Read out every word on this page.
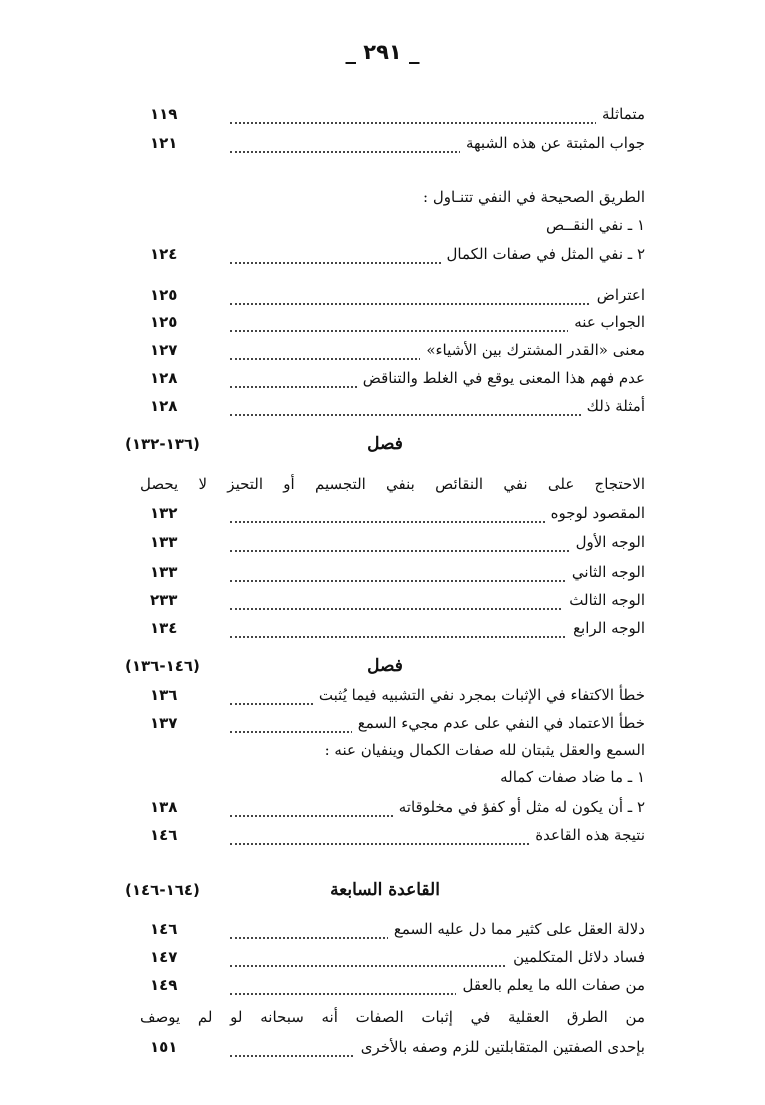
_ ٢٩١ _
متماثلة
١١٩
جواب المثبتة عن هذه الشبهة
١٢١
الطريق الصحيحة في النفي تتنـاول :
١ ـ نفي النقــص
٢ ـ نفي المثل في صفات الكمال
١٢٤
اعتراض
١٢٥
الجواب عنه
١٢٥
معنى «القدر المشترك بين الأشياء»
١٢٧
عدم فهم هذا المعنى يوقع في الغلط والتناقض
١٢٨
أمثلة ذلك
١٢٨
فصل
(١٣٦-١٣٢)
الاحتجاج على نفي النقائص بنفي التجسيم أو التحيز لا يحصل
المقصود لوجوه
١٣٢
الوجه الأول
١٣٣
الوجه الثاني
١٣٣
الوجه الثالث
٢٣٣
الوجه الرابع
١٣٤
فصل
(١٤٦-١٣٦)
خطأ الاكتفاء في الإثبات بمجرد نفي التشبيه فيما يُثبت
١٣٦
خطأ الاعتماد في النفي على عدم مجيء السمع
١٣٧
السمع والعقل يثبتان لله صفات الكمال وينفيان عنه :
١ ـ ما ضاد صفات كماله
٢ ـ أن يكون له مثل أو كفؤ في مخلوقاته
١٣٨
نتيجة هذه القاعدة
١٤٦
القاعدة السابعة
(١٦٤-١٤٦)
دلالة العقل على كثير مما دل عليه السمع
١٤٦
فساد دلائل المتكلمين
١٤٧
من صفات الله ما يعلم بالعقل
١٤٩
من الطرق العقلية في إثبات الصفات أنه سبحانه لو لم يوصف
بإحدى الصفتين المتقابلتين للزم وصفه بالأخرى
١٥١
